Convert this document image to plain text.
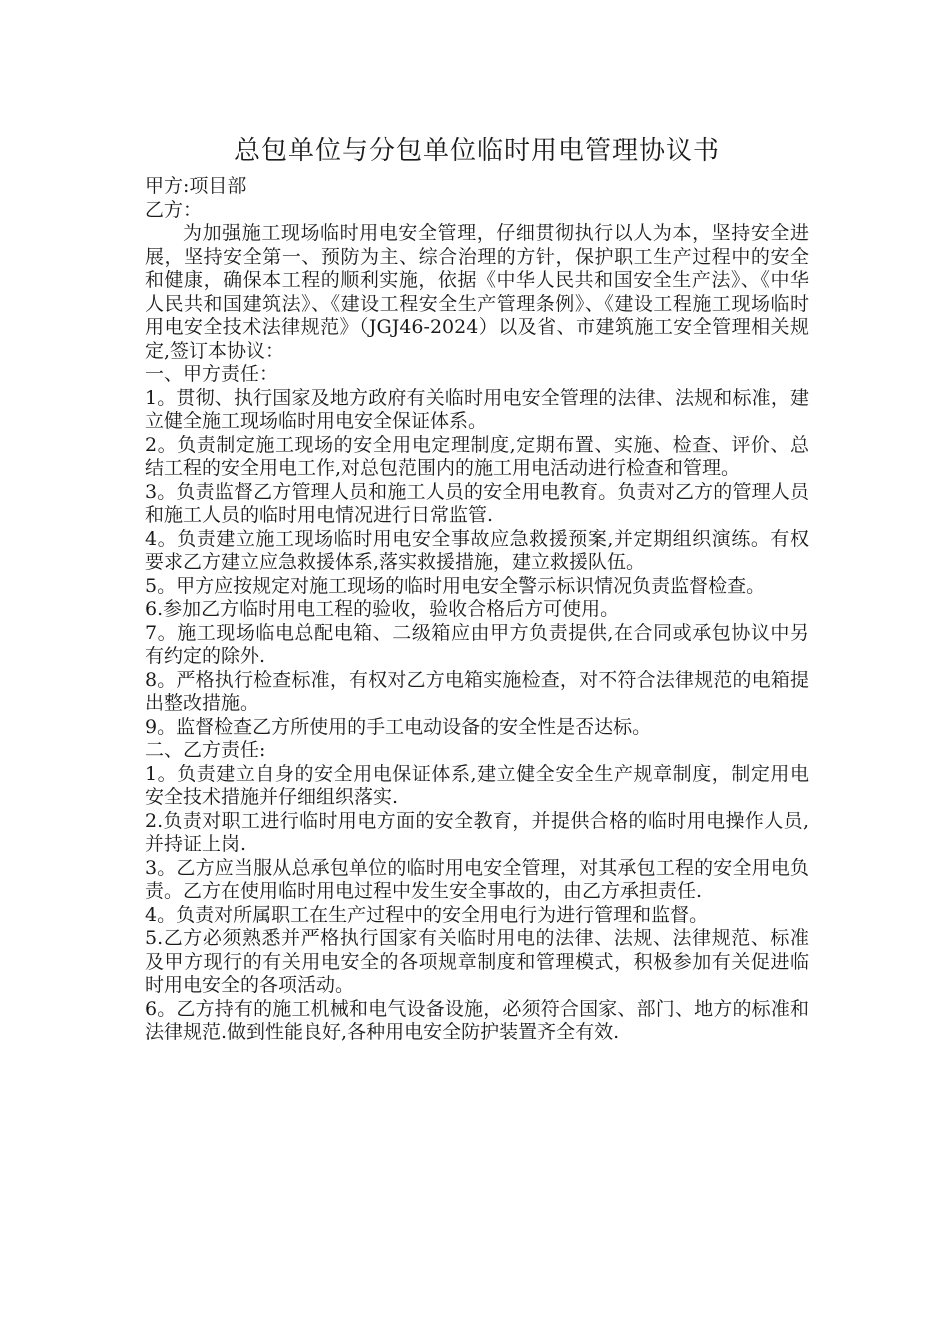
总包单位与分包单位临时用电管理协议书

甲方:项目部

乙方：

为加强施工现场临时用电安全管理，仔细贯彻执行以人为本，坚持安全进展，坚持安全第一、预防为主、综合治理的方针，保护职工生产过程中的安全和健康，确保本工程的顺利实施，依据《中华人民共和国安全生产法》、《中华人民共和国建筑法》、《建设工程安全生产管理条例》、《建设工程施工现场临时用电安全技术法律规范》（JGJ46-2024）以及省、市建筑施工安全管理相关规定,签订本协议：

一、甲方责任：

1。贯彻、执行国家及地方政府有关临时用电安全管理的法律、法规和标准，建立健全施工现场临时用电安全保证体系。

2。负责制定施工现场的安全用电定理制度,定期布置、实施、检查、评价、总结工程的安全用电工作,对总包范围内的施工用电活动进行检查和管理。

3。负责监督乙方管理人员和施工人员的安全用电教育。负责对乙方的管理人员和施工人员的临时用电情况进行日常监管.

4。负责建立施工现场临时用电安全事故应急救援预案,并定期组织演练。有权要求乙方建立应急救援体系,落实救援措施，建立救援队伍。

5。甲方应按规定对施工现场的临时用电安全警示标识情况负责监督检查。

6.参加乙方临时用电工程的验收，验收合格后方可使用。

7。施工现场临电总配电箱、二级箱应由甲方负责提供,在合同或承包协议中另有约定的除外.

8。严格执行检查标准，有权对乙方电箱实施检查，对不符合法律规范的电箱提出整改措施。

9。监督检查乙方所使用的手工电动设备的安全性是否达标。

二、乙方责任:

1。负责建立自身的安全用电保证体系,建立健全安全生产规章制度，制定用电安全技术措施并仔细组织落实.

2.负责对职工进行临时用电方面的安全教育，并提供合格的临时用电操作人员,并持证上岗.

3。乙方应当服从总承包单位的临时用电安全管理，对其承包工程的安全用电负责。乙方在使用临时用电过程中发生安全事故的，由乙方承担责任.

4。负责对所属职工在生产过程中的安全用电行为进行管理和监督。

5.乙方必须熟悉并严格执行国家有关临时用电的法律、法规、法律规范、标准及甲方现行的有关用电安全的各项规章制度和管理模式，积极参加有关促进临时用电安全的各项活动。

6。乙方持有的施工机械和电气设备设施，必须符合国家、部门、地方的标准和法律规范.做到性能良好,各种用电安全防护装置齐全有效.
